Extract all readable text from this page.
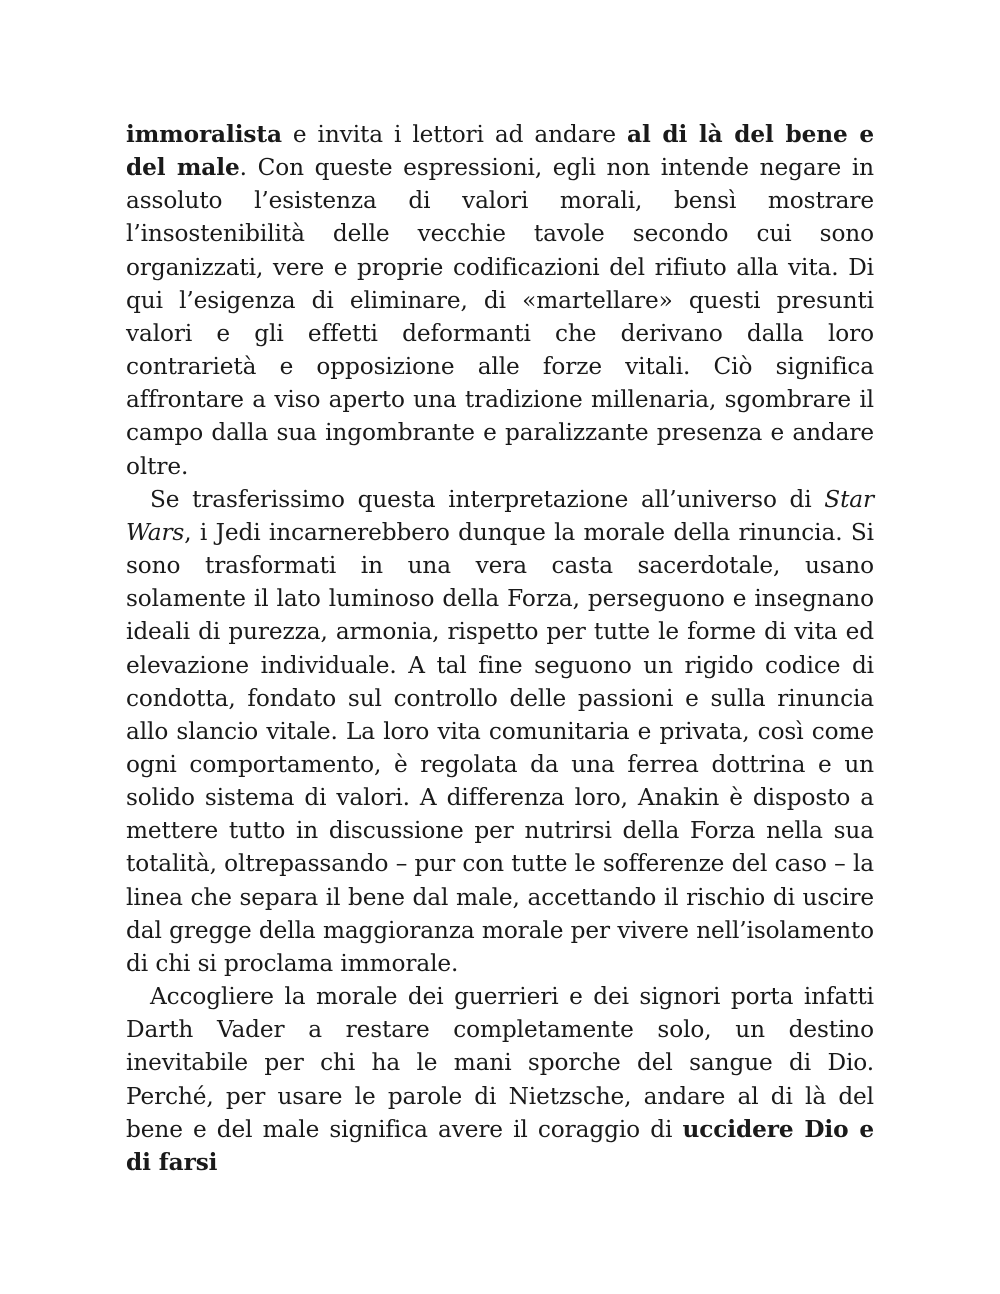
immoralista e invita i lettori ad andare al di là del bene e del male. Con queste espressioni, egli non intende negare in assoluto l’esistenza di valori morali, bensì mostrare l’insostenibilità delle vecchie tavole secondo cui sono organizzati, vere e proprie codificazioni del rifiuto alla vita. Di qui l’esigenza di eliminare, di «martellare» questi presunti valori e gli effetti deformanti che derivano dalla loro contrarietà e opposizione alle forze vitali. Ciò significa affrontare a viso aperto una tradizione millenaria, sgombrare il campo dalla sua ingombrante e paralizzante presenza e andare oltre.

Se trasferissimo questa interpretazione all’universo di Star Wars, i Jedi incarnerebbero dunque la morale della rinuncia. Si sono trasformati in una vera casta sacerdotale, usano solamente il lato luminoso della Forza, perseguono e insegnano ideali di purezza, armonia, rispetto per tutte le forme di vita ed elevazione individuale. A tal fine seguono un rigido codice di condotta, fondato sul controllo delle passioni e sulla rinuncia allo slancio vitale. La loro vita comunitaria e privata, così come ogni comportamento, è regolata da una ferrea dottrina e un solido sistema di valori. A differenza loro, Anakin è disposto a mettere tutto in discussione per nutrirsi della Forza nella sua totalità, oltrepassando – pur con tutte le sofferenze del caso – la linea che separa il bene dal male, accettando il rischio di uscire dal gregge della maggioranza morale per vivere nell’isolamento di chi si proclama immorale.

Accogliere la morale dei guerrieri e dei signori porta infatti Darth Vader a restare completamente solo, un destino inevitabile per chi ha le mani sporche del sangue di Dio. Perché, per usare le parole di Nietzsche, andare al di là del bene e del male significa avere il coraggio di uccidere Dio e di farsi
